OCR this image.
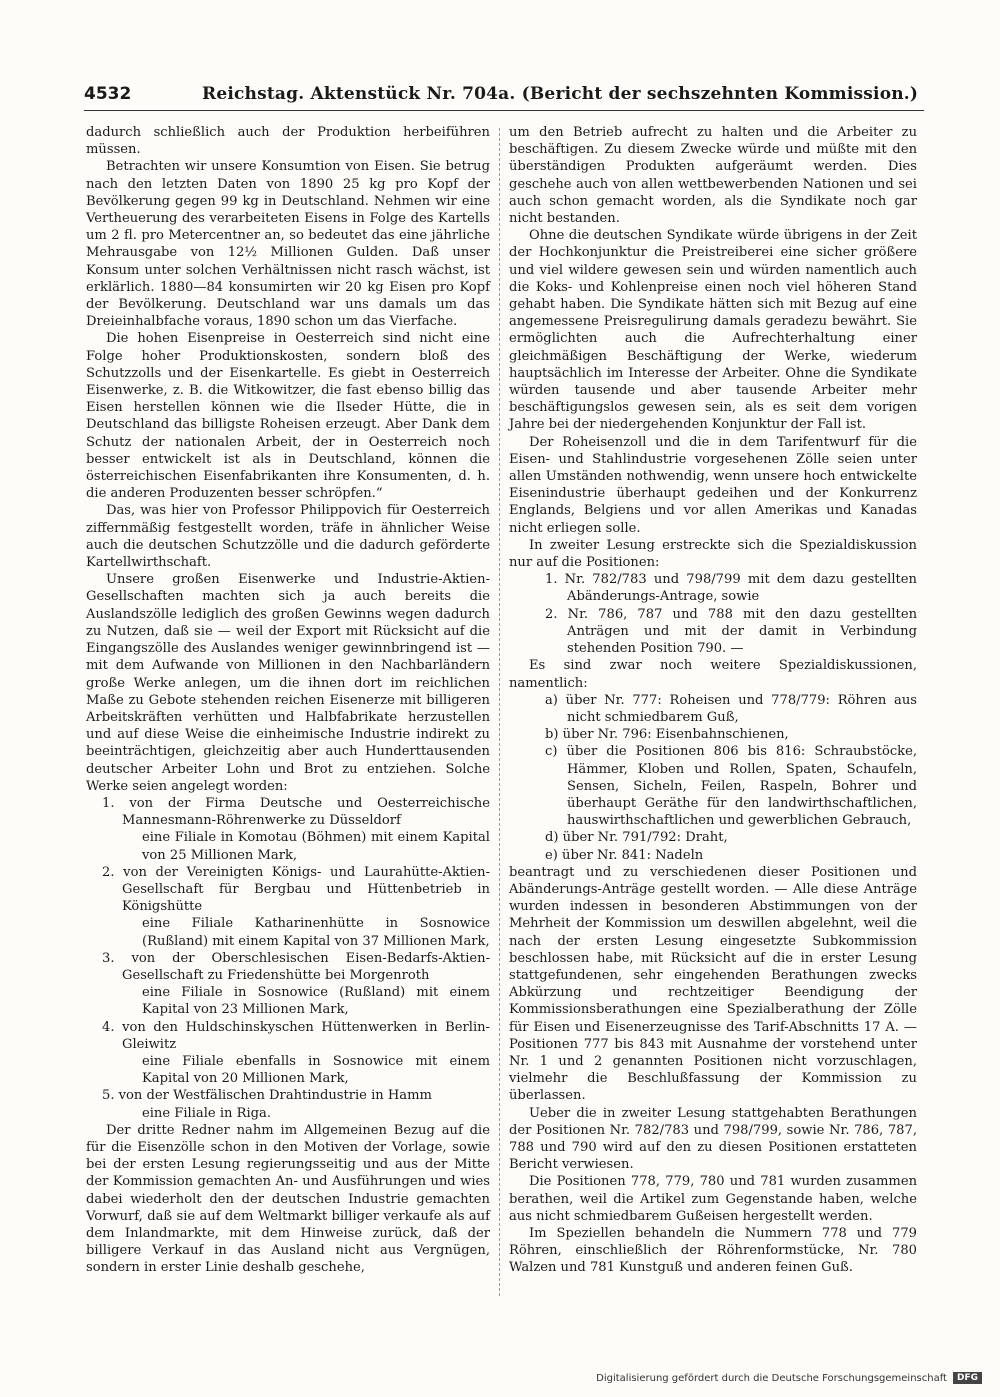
4532	Reichstag. Aktenstück Nr. 704a. (Bericht der sechszehnten Kommission.)

dadurch schließlich auch der Produktion herbeiführen müssen.

Betrachten wir unsere Konsumtion von Eisen. Sie betrug nach den letzten Daten von 1890 25 kg pro Kopf der Bevölkerung gegen 99 kg in Deutschland. Nehmen wir eine Vertheuerung des verarbeiteten Eisens in Folge des Kartells um 2 fl. pro Metercentner an, so bedeutet das eine jährliche Mehrausgabe von 12½ Millionen Gulden. Daß unser Konsum unter solchen Verhältnissen nicht rasch wächst, ist erklärlich. 1880—84 konsumirten wir 20 kg Eisen pro Kopf der Bevölkerung. Deutschland war uns damals um das Dreieinhalbfache voraus, 1890 schon um das Vierfache.

Die hohen Eisenpreise in Oesterreich sind nicht eine Folge hoher Produktionskosten, sondern bloß des Schutzzolls und der Eisenkartelle. Es giebt in Oesterreich Eisenwerke, z. B. die Witkowitzer, die fast ebenso billig das Eisen herstellen können wie die Ilseder Hütte, die in Deutschland das billigste Roheisen erzeugt. Aber Dank dem Schutz der nationalen Arbeit, der in Oesterreich noch besser entwickelt ist als in Deutschland, können die österreichischen Eisenfabrikanten ihre Konsumenten, d. h. die anderen Produzenten besser schröpfen.“

Das, was hier von Professor Philippovich für Oesterreich ziffernmäßig festgestellt worden, träfe in ähnlicher Weise auch die deutschen Schutzzölle und die dadurch geförderte Kartellwirthschaft.

Unsere großen Eisenwerke und Industrie-Aktien-Gesellschaften machten sich ja auch bereits die Auslandszölle lediglich des großen Gewinns wegen dadurch zu Nutzen, daß sie — weil der Export mit Rücksicht auf die Eingangszölle des Auslandes weniger gewinnbringend ist — mit dem Aufwande von Millionen in den Nachbarländern große Werke anlegen, um die ihnen dort im reichlichen Maße zu Gebote stehenden reichen Eisenerze mit billigeren Arbeitskräften verhütten und Halbfabrikate herzustellen und auf diese Weise die einheimische Industrie indirekt zu beeinträchtigen, gleichzeitig aber auch Hunderttausenden deutscher Arbeiter Lohn und Brot zu entziehen. Solche Werke seien angelegt worden:

1. von der Firma Deutsche und Oesterreichische Mannesmann-Röhrenwerke zu Düsseldorf
eine Filiale in Komotau (Böhmen) mit einem Kapital von 25 Millionen Mark,
2. von der Vereinigten Königs- und Laurahütte-Aktien-Gesellschaft für Bergbau und Hüttenbetrieb in Königshütte
eine Filiale Katharinenhütte in Sosnowice (Rußland) mit einem Kapital von 37 Millionen Mark,
3. von der Oberschlesischen Eisen-Bedarfs-Aktien-Gesellschaft zu Friedenshütte bei Morgenroth
eine Filiale in Sosnowice (Rußland) mit einem Kapital von 23 Millionen Mark,
4. von den Huldschinskyschen Hüttenwerken in Berlin-Gleiwitz
eine Filiale ebenfalls in Sosnowice mit einem Kapital von 20 Millionen Mark,
5. von der Westfälischen Drahtindustrie in Hamm
eine Filiale in Riga.

Der dritte Redner nahm im Allgemeinen Bezug auf die für die Eisenzölle schon in den Motiven der Vorlage, sowie bei der ersten Lesung regierungsseitig und aus der Mitte der Kommission gemachten An- und Ausführungen und wies dabei wiederholt den der deutschen Industrie gemachten Vorwurf, daß sie auf dem Weltmarkt billiger verkaufe als auf dem Inlandmarkte, mit dem Hinweise zurück, daß der billigere Verkauf in das Ausland nicht aus Vergnügen, sondern in erster Linie deshalb geschehe,

um den Betrieb aufrecht zu halten und die Arbeiter zu beschäftigen. Zu diesem Zwecke würde und müßte mit den überständigen Produkten aufgeräumt werden. Dies geschehe auch von allen wettbewerbenden Nationen und sei auch schon gemacht worden, als die Syndikate noch gar nicht bestanden.

Ohne die deutschen Syndikate würde übrigens in der Zeit der Hochkonjunktur die Preistreiberei eine sicher größere und viel wildere gewesen sein und würden namentlich auch die Koks- und Kohlenpreise einen noch viel höheren Stand gehabt haben. Die Syndikate hätten sich mit Bezug auf eine angemessene Preisregulirung damals geradezu bewährt. Sie ermöglichten auch die Aufrechterhaltung einer gleichmäßigen Beschäftigung der Werke, wiederum hauptsächlich im Interesse der Arbeiter. Ohne die Syndikate würden tausende und aber tausende Arbeiter mehr beschäftigungslos gewesen sein, als es seit dem vorigen Jahre bei der niedergehenden Konjunktur der Fall ist.

Der Roheisenzoll und die in dem Tarifentwurf für die Eisen- und Stahlindustrie vorgesehenen Zölle seien unter allen Umständen nothwendig, wenn unsere hoch entwickelte Eisenindustrie überhaupt gedeihen und der Konkurrenz Englands, Belgiens und vor allen Amerikas und Kanadas nicht erliegen solle.

In zweiter Lesung erstreckte sich die Spezialdiskussion nur auf die Positionen:

1. Nr. 782/783 und 798/799 mit dem dazu gestellten Abänderungs-Antrage, sowie
2. Nr. 786, 787 und 788 mit den dazu gestellten Anträgen und mit der damit in Verbindung stehenden Position 790. —

Es sind zwar noch weitere Spezialdiskussionen, namentlich:

a) über Nr. 777: Roheisen und 778/779: Röhren aus nicht schmiedbarem Guß,
b) über Nr. 796: Eisenbahnschienen,
c) über die Positionen 806 bis 816: Schraubstöcke, Hämmer, Kloben und Rollen, Spaten, Schaufeln, Sensen, Sicheln, Feilen, Raspeln, Bohrer und überhaupt Geräthe für den landwirthschaftlichen, hauswirthschaftlichen und gewerblichen Gebrauch,
d) über Nr. 791/792: Draht,
e) über Nr. 841: Nadeln

beantragt und zu verschiedenen dieser Positionen und Abänderungs-Anträge gestellt worden. — Alle diese Anträge wurden indessen in besonderen Abstimmungen von der Mehrheit der Kommission um deswillen abgelehnt, weil die nach der ersten Lesung eingesetzte Subkommission beschlossen habe, mit Rücksicht auf die in erster Lesung stattgefundenen, sehr eingehenden Berathungen zwecks Abkürzung und rechtzeitiger Beendigung der Kommissionsberathungen eine Spezialberathung der Zölle für Eisen und Eisenerzeugnisse des Tarif-Abschnitts 17 A. — Positionen 777 bis 843 mit Ausnahme der vorstehend unter Nr. 1 und 2 genannten Positionen nicht vorzuschlagen, vielmehr die Beschlußfassung der Kommission zu überlassen.

Ueber die in zweiter Lesung stattgehabten Berathungen der Positionen Nr. 782/783 und 798/799, sowie Nr. 786, 787, 788 und 790 wird auf den zu diesen Positionen erstatteten Bericht verwiesen.

Die Positionen 778, 779, 780 und 781 wurden zusammen berathen, weil die Artikel zum Gegenstande haben, welche aus nicht schmiedbarem Gußeisen hergestellt werden.

Im Speziellen behandeln die Nummern 778 und 779 Röhren, einschließlich der Röhrenformstücke, Nr. 780 Walzen und 781 Kunstguß und anderen feinen Guß.

Digitalisierung gefördert durch die Deutsche Forschungsgemeinschaft	DFG
